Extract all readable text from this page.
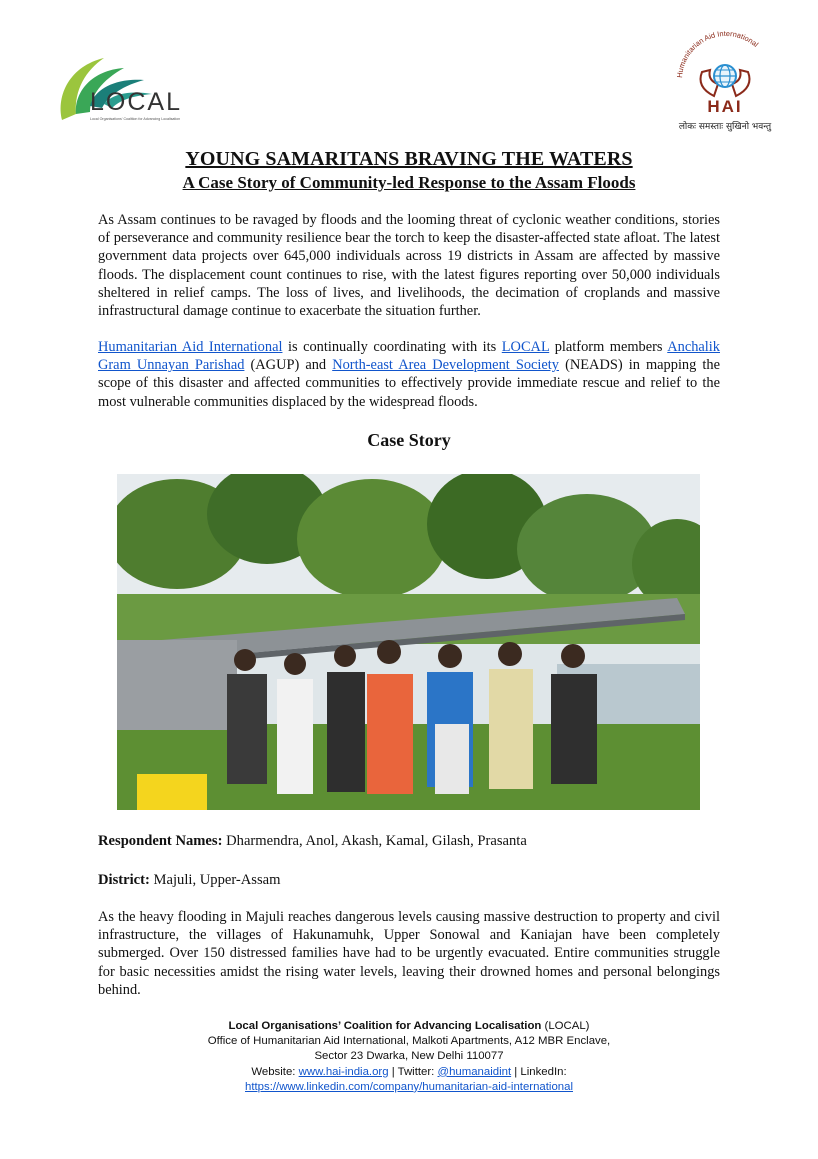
LOCAL
Local Organisations' Coalition for Advancing Localisation
Humanitarian Aid International
HAI
लोकः समस्ताः सुखिनो भवन्तु
YOUNG SAMARITANS BRAVING THE WATERS
A Case Story of Community-led Response to the Assam Floods
As Assam continues to be ravaged by floods and the looming threat of cyclonic weather conditions, stories of perseverance and community resilience bear the torch to keep the disaster-affected state afloat. The latest government data projects over 645,000 individuals across 19 districts in Assam are affected by massive floods. The displacement count continues to rise, with the latest figures reporting over 50,000 individuals sheltered in relief camps. The loss of lives, and livelihoods, the decimation of croplands and massive infrastructural damage continue to exacerbate the situation further.
Humanitarian Aid International is continually coordinating with its LOCAL platform members Anchalik Gram Unnayan Parishad (AGUP) and North-east Area Development Society (NEADS) in mapping the scope of this disaster and affected communities to effectively provide immediate rescue and relief to the most vulnerable communities displaced by the widespread floods.
Case Story
Respondent Names: Dharmendra, Anol, Akash, Kamal, Gilash, Prasanta
District: Majuli, Upper-Assam
As the heavy flooding in Majuli reaches dangerous levels causing massive destruction to property and civil infrastructure, the villages of Hakunamuhk, Upper Sonowal and Kaniajan have been completely submerged. Over 150 distressed families have had to be urgently evacuated. Entire communities struggle for basic necessities amidst the rising water levels, leaving their drowned homes and personal belongings behind.
Local Organisations’ Coalition for Advancing Localisation (LOCAL)
Office of Humanitarian Aid International, Malkoti Apartments, A12 MBR Enclave,
Sector 23 Dwarka, New Delhi 110077
Website: www.hai-india.org | Twitter: @humanaidint | LinkedIn:
https://www.linkedin.com/company/humanitarian-aid-international
